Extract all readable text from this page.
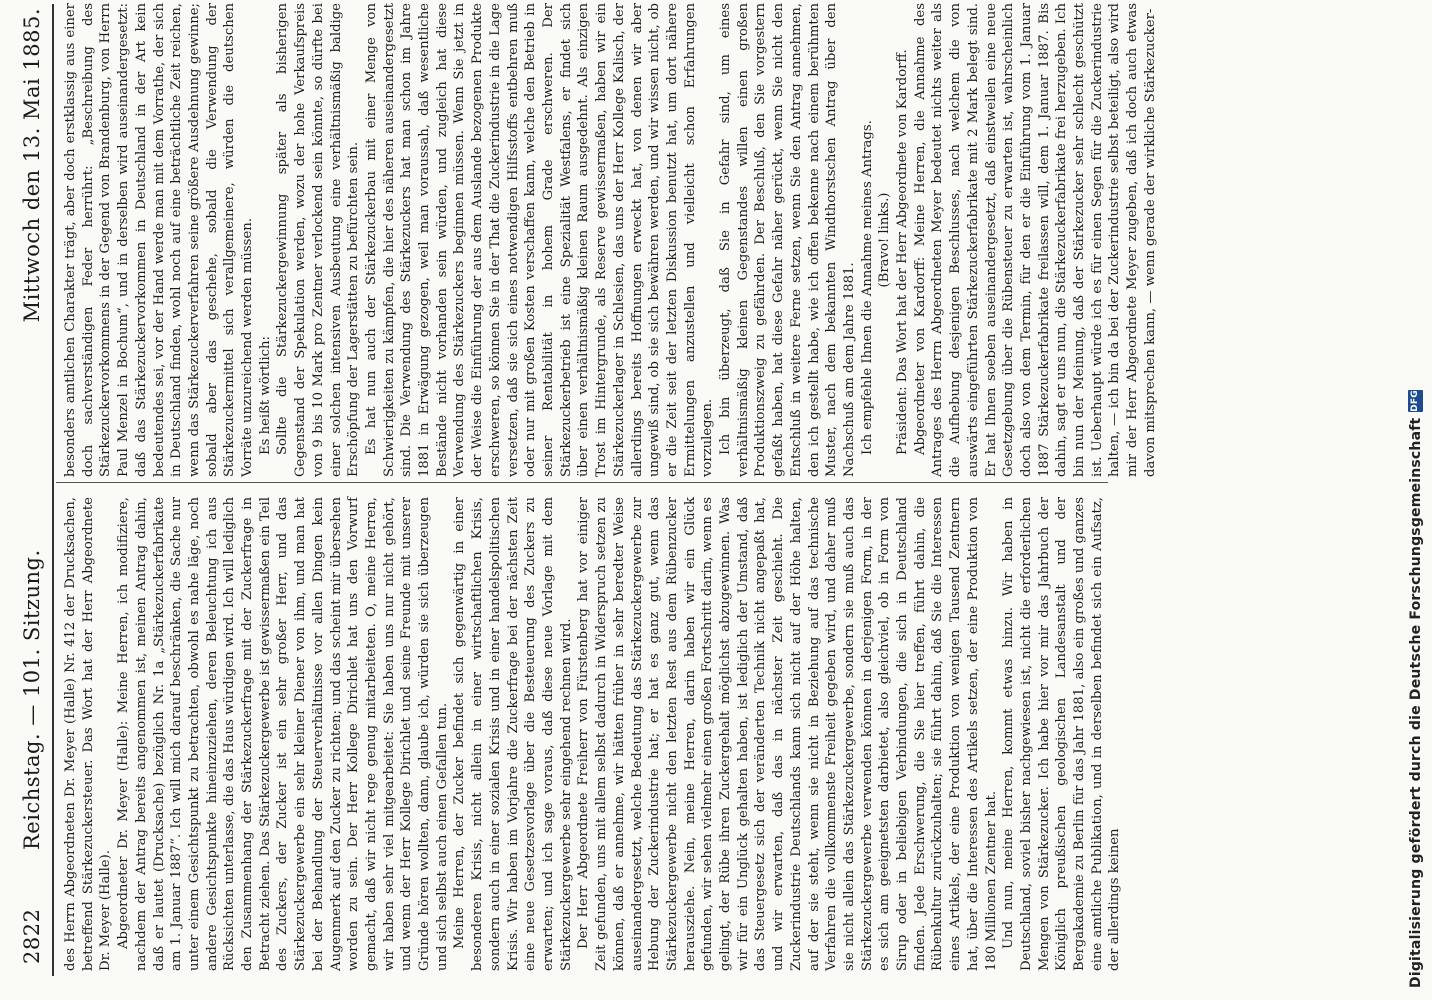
2822
Reichstag. — 101. Sitzung.
Mittwoch den 13. Mai 1885.

des Herrn Abgeordneten Dr. Meyer (Halle) Nr. 412 der Drucksachen, betreffend Stärkezuckersteuer. Das Wort hat der Herr Abgeordnete Dr. Meyer (Halle). Abgeordneter Dr. Meyer (Halle): Meine Herren, ich modifiziere, nachdem der Antrag bereits angenommen ist, meinen Antrag dahin, daß er lautet (Drucksache) bezüglich Nr. 1a „Stärkezuckerfabrikate am 1. Januar 1887“. Ich will mich darauf beschränken, die Sache nur unter einem Gesichtspunkt zu betrachten, obwohl es nahe läge, noch andere Gesichtspunkte hineinzuziehen, deren Beleuchtung ich aus Rücksichten unterlasse, die das Haus würdigen wird. Ich will lediglich den Zusammenhang der Stärkezuckerfrage mit der Zuckerfrage in Betracht ziehen. Das Stärkezuckergewerbe ist gewissermaßen ein Teil des Zuckers, der Zucker ist ein sehr großer Herr, und das Stärkezuckergewerbe ein sehr kleiner Diener von ihm, und man hat bei der Behandlung der Steuerverhältnisse vor allen Dingen kein Augenmerk auf den Zucker zu richten; und das scheint mir übersehen worden zu sein. Der Herr Kollege Dirichlet hat uns den Vorwurf gemacht, daß wir nicht rege genug mitarbeiteten. O, meine Herren, wir haben sehr viel mitgearbeitet: Sie haben uns nur nicht gehört, und wenn der Herr Kollege Dirichlet und seine Freunde mit unserer Gründe hören wollten, dann, glaube ich, würden sie sich überzeugen und sich selbst auch einen Gefallen tun. Meine Herren, der Zucker befindet sich gegenwärtig in einer besonderen Krisis, nicht allein in einer wirtschaftlichen Krisis, sondern auch in einer sozialen Krisis und in einer handelspolitischen Krisis. Wir haben im Vorjahre die Zuckerfrage bei der nächsten Zeit eine neue Gesetzesvorlage über die Besteuerung des Zuckers zu erwarten; und ich sage voraus, daß diese neue Vorlage mit dem Stärkezuckergewerbe sehr eingehend rechnen wird. Der Herr Abgeordnete Freiherr von Fürstenberg hat vor einiger Zeit gefunden, uns mit allem selbst dadurch in Widerspruch setzen zu können, daß er annehme, wir hätten früher in sehr beredter Weise auseinandergesetzt, welche Bedeutung das Stärkezuckergewerbe zur Hebung der Zuckerindustrie hat; er hat es ganz gut, wenn das Stärkezuckergewerbe nicht den letzten Rest aus dem Rübenzucker herausziehe. Nein, meine Herren, darin haben wir ein Glück gefunden, wir sehen vielmehr einen großen Fortschritt darin, wenn es gelingt, der Rübe ihren Zuckergehalt möglichst abzugewinnen. Was wir für ein Unglück gehalten haben, ist lediglich der Umstand, daß das Steuergesetz sich der veränderten Technik nicht angepaßt hat, und wir erwarten, daß das in nächster Zeit geschieht. Die Zuckerindustrie Deutschlands kann sich nicht auf der Höhe halten, auf der sie steht, wenn sie nicht in Beziehung auf das technische Verfahren die vollkommenste Freiheit gegeben wird, und daher muß sie nicht allein das Stärkezuckergewerbe, sondern sie muß auch das Stärkezuckergewerbe verwenden können in derjenigen Form, in der es sich am geeignetsten darbietet, also gleichviel, ob in Form von Sirup oder in beliebigen Verbindungen, die sich in Deutschland finden. Jede Erschwerung, die Sie hier treffen, führt dahin, die Rübenkultur zurückzuhalten; sie führt dahin, daß Sie die Interessen eines Artikels, der eine Produktion von wenigen Tausend Zentnern hat, über die Interessen des Artikels setzen, der eine Produktion von 180 Millionen Zentner hat. Und nun, meine Herren, kommt etwas hinzu. Wir haben in Deutschland, soviel bisher nachgewiesen ist, nicht die erforderlichen Mengen von Stärkezucker. Ich habe hier vor mir das Jahrbuch der Königlich preußischen geologischen Landesanstalt und der Bergakademie zu Berlin für das Jahr 1881, also ein großes und ganzes eine amtliche Publikation, und in derselben befindet sich ein Aufsatz, der allerdings keinen

besonders amtlichen Charakter trägt, aber doch erstklassig aus einer doch sachverständigen Feder herrührt: „Beschreibung des Stärkezuckervorkommens in der Gegend von Brandenburg, von Herrn Paul Menzel in Bochum“, und in derselben wird auseinandergesetzt: daß das Stärkezuckervorkommen in Deutschland in der Art kein bedeutendes sei, vor der Hand werde man mit dem Vorrathe, der sich in Deutschland finden, wohl noch auf eine beträchtliche Zeit reichen, wenn das Stärkezuckerverfahren seine größere Ausdehnung gewinne; sobald aber das geschehe, sobald die Verwendung der Stärkezuckermittel sich verallgemeinere, würden die deutschen Vorräte unzureichend werden müssen. Es heißt wörtlich: Sollte die Stärkezuckergewinnung später als bisherigen Gegenstand der Spekulation werden, wozu der hohe Verkaufspreis von 9 bis 10 Mark pro Zentner verlockend sein könnte, so dürfte bei einer solchen intensiven Ausbeutung eine verhältnismäßig baldige Erschöpfung der Lagerstätten zu befürchten sein. Es hat nun auch der Stärkezuckerbau mit einer Menge von Schwierigkeiten zu kämpfen, die hier des näheren auseinandergesetzt sind. Die Verwendung des Stärkezuckers hat man schon im Jahre 1881 in Erwägung gezogen, weil man voraussah, daß wesentliche Bestände nicht vorhanden sein würden, und zugleich hat diese Verwendung des Stärkezuckers beginnen müssen. Wenn Sie jetzt in der Weise die Einführung der aus dem Auslande bezogenen Produkte erschweren, so können Sie in der That die Zuckerindustrie in die Lage versetzen, daß sie sich eines notwendigen Hilfsstoffs entbehren muß oder nur mit großen Kosten verschaffen kann, welche den Betrieb in seiner Rentabilität in hohem Grade erschweren. Der Stärkezuckerbetrieb ist eine Spezialität Westfalens, er findet sich über einen verhältnismäßig kleinen Raum ausgedehnt. Als einzigen Trost im Hintergrunde, als Reserve gewissermaßen, haben wir ein Stärkezuckerlager in Schlesien, das uns der Herr Kollege Kalisch, der allerdings bereits Hoffnungen erweckt hat, von denen wir aber ungewiß sind, ob sie sich bewähren werden, und wir wissen nicht, ob er die Zeit seit der letzten Diskussion benutzt hat, um dort nähere Ermittelungen anzustellen und vielleicht schon Erfahrungen vorzulegen. Ich bin überzeugt, daß Sie in Gefahr sind, um eines verhältnismäßig kleinen Gegenstandes willen einen großen Produktionszweig zu gefährden. Der Beschluß, den Sie vorgestern gefaßt haben, hat diese Gefahr näher gerückt, wenn Sie nicht den Entschluß in weitere Ferne setzen, wenn Sie den Antrag annehmen, den ich gestellt habe, wie ich offen bekenne nach einem berühmten Muster, nach dem bekannten Windthorstschen Antrag über den Nachschuß am dem Jahre 1881. Ich empfehle Ihnen die Annahme meines Antrags. (Bravo! links.) Präsident: Das Wort hat der Herr Abgeordnete von Kardorff. Abgeordneter von Kardorff: Meine Herren, die Annahme des Antrages des Herrn Abgeordneten Meyer bedeutet nichts weiter als die Aufhebung desjenigen Beschlusses, nach welchem die von auswärts eingeführten Stärkezuckerfabrikate mit 2 Mark belegt sind. Er hat Ihnen soeben auseinandergesetzt, daß einstweilen eine neue Gesetzgebung über die Rübensteuer zu erwarten ist, wahrscheinlich doch also von dem Termin, für den er die Einführung vom 1. Januar 1887 Stärkezuckerfabrikate freilassen will, dem 1. Januar 1887. Bis dahin, sagt er uns nun, die Stärkezuckerfabrikate frei herzugeben. Ich bin nun der Meinung, daß der Stärkezucker sehr schlecht geschützt ist. Ueberhaupt würde ich es für einen Segen für die Zuckerindustrie halten, — ich bin da bei der Zuckerindustrie selbst beteiligt, also wird mir der Herr Abgeordnete Meyer zugeben, daß ich doch auch etwas davon mitsprechen kann, — wenn gerade der wirkliche Stärkezucker-

Digitalisierung gefördert durch die Deutsche Forschungsgemeinschaft
DFG
